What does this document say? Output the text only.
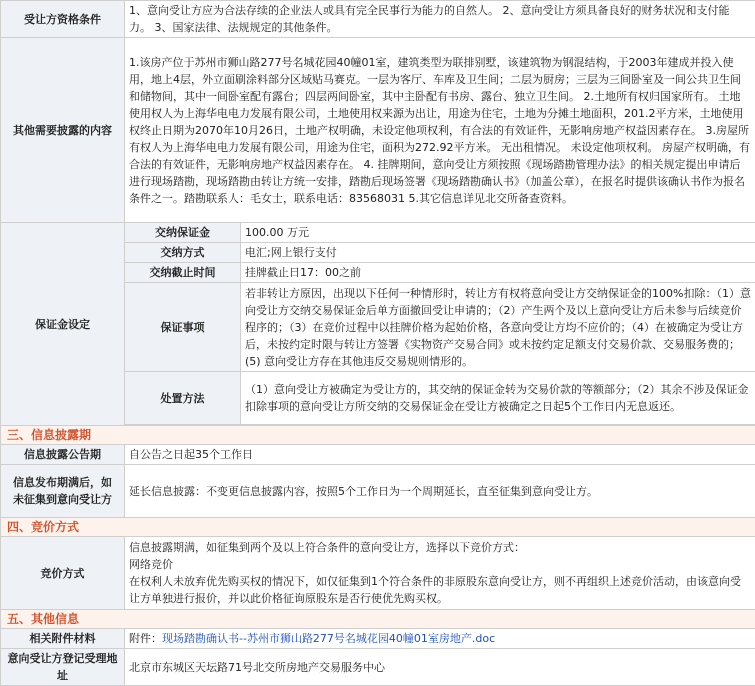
受让方资格条件	1、意向受让方应为合法存续的企业法人或具有完全民事行为能力的自然人。 2、意向受让方须具备良好的财务状况和支付能力。 3、国家法律、法规规定的其他条件。	
其他需要披露的内容	1.该房产位于苏州市狮山路277号名城花园40幢01室，建筑类型为联排别墅，该建筑物为钢混结构，于2003年建成并投入使用，地上4层，外立面刷涂料部分区域贴马赛克。一层为客厅、车库及卫生间；二层为厨房；三层为三间卧室及一间公共卫生间和储物间，其中一间卧室配有露台；四层两间卧室，其中主卧配有书房、露台、独立卫生间。 2.土地所有权归国家所有。 土地使用权人为上海华电电力发展有限公司，土地使用权来源为出让，用途为住宅，土地为分摊土地面积，201.2平方米，土地使用权终止日期为2070年10月26日，土地产权明确，未设定他项权利，有合法的有效证件，无影响房地产权益因素存在。 3.房屋所有权人为上海华电电力发展有限公司，用途为住宅，面积为272.92平方米。 无出租情况。 未设定他项权利。 房屋产权明确，有合法的有效证件，无影响房地产权益因素存在。 4. 挂牌期间，意向受让方须按照《现场踏勘管理办法》的相关规定提出申请后进行现场踏勘，现场踏勘由转让方统一安排，踏勘后现场签署《现场踏勘确认书》（加盖公章），在报名时提供该确认书作为报名条件之一。踏勘联系人：毛女士，联系电话：83568031 5.其它信息详见北交所备查资料。	
保证金设定	交纳保证金	100.00 万元
	交纳方式	电汇;网上银行支付
	交纳截止时间	挂牌截止日17：00之前
	保证事项	若非转让方原因，出现以下任何一种情形时，转让方有权将意向受让方交纳保证金的100%扣除：（1）意向受让方交纳交易保证金后单方面撤回受让申请的；（2）产生两个及以上意向受让方后未参与后续竞价程序的；（3）在竞价过程中以挂牌价格为起始价格，各意向受让方均不应价的；（4）在被确定为受让方后，未按约定时限与转让方签署《实物资产交易合同》或未按约定足额支付交易价款、交易服务费的；(5) 意向受让方存在其他违反交易规则情形的。
	处置方法	（1）意向受让方被确定为受让方的，其交纳的保证金转为交易价款的等额部分；（2）其余不涉及保证金扣除事项的意向受让方所交纳的交易保证金在受让方被确定之日起5个工作日内无息返还。

三、信息披露期		
信息披露公告期	自公告之日起35个工作日	
信息发布期满后，如未征集到意向受让方	延长信息披露：不变更信息披露内容，按照5个工作日为一个周期延长，直至征集到意向受让方。	
四、竞价方式		
竞价方式	信息披露期满，如征集到两个及以上符合条件的意向受让方，选择以下竞价方式：
网络竞价
在权利人未放弃优先购买权的情况下，如仅征集到1个符合条件的非原股东意向受让方，则不再组织上述竞价活动，由该意向受让方单独进行报价，并以此价格征询原股东是否行使优先购买权。	

五、其他信息		
相关附件材料	附件：现场踏勘确认书--苏州市狮山路277号名城花园40幢01室房地产.doc	
意向受让方登记受理地址	北京市东城区天坛路71号北交所房地产交易服务中心	
